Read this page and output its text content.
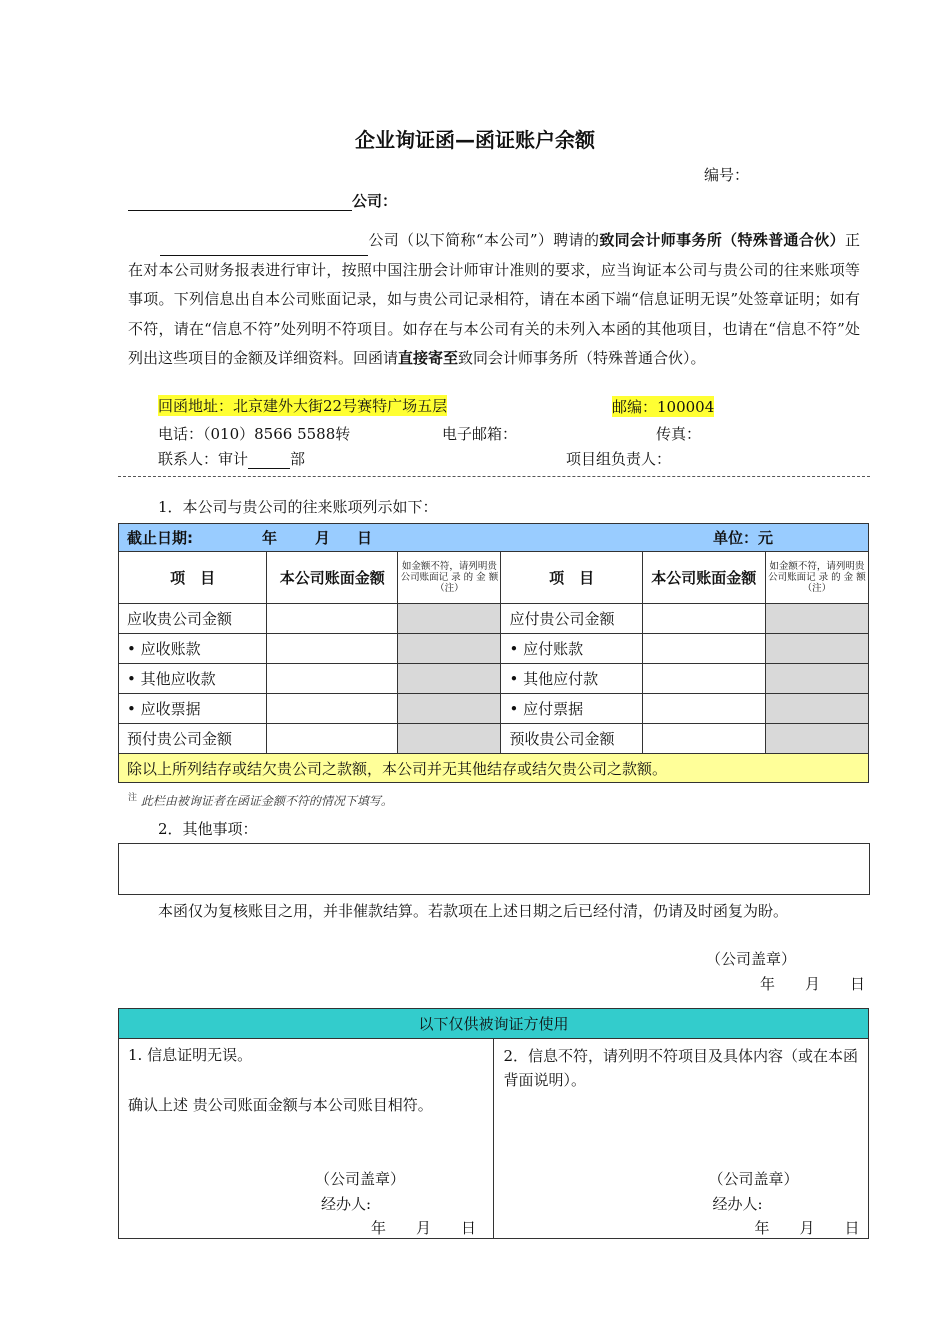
企业询证函—函证账户余额
编号：
公司：
公司（以下简称“本公司”）聘请的致同会计师事务所（特殊普通合伙）正在对本公司财务报表进行审计，按照中国注册会计师审计准则的要求，应当询证本公司与贵公司的往来账项等事项。下列信息出自本公司账面记录，如与贵公司记录相符，请在本函下端“信息证明无误”处签章证明；如有不符，请在“信息不符”处列明不符项目。如存在与本公司有关的未列入本函的其他项目，也请在“信息不符”处列出这些项目的金额及详细资料。回函请直接寄至致同会计师事务所（特殊普通合伙）。
回函地址：北京建外大街22号赛特广场五层	邮编：100004
电话：（010）8566 5588转	电子邮箱：	传真：
联系人：审计	部	项目组负责人：
1．本公司与贵公司的往来账项列示如下：
截止日期: 年 月 日 单位：元					

项　目	本公司账面金额	如金额不符，请列明贵公司账面记 录 的 金 额（注）	项　目	本公司账面金额	如金额不符，请列明贵公司账面记 录 的 金 额（注）
应收贵公司金额			应付贵公司金额		
• 应收账款			• 应付账款		
• 其他应收款			• 其他应付款		
• 应收票据			• 应付票据		
预付贵公司金额			预收贵公司金额		
除以上所列结存或结欠贵公司之款额，本公司并无其他结存或结欠贵公司之款额。					
$^注$ 此栏由被询证者在函证金额不符的情况下填写。
2．其他事项：
本函仅为复核账目之用，并非催款结算。若款项在上述日期之后已经付清，仍请及时函复为盼。
（公司盖章）
年　　月　　日
以下仅供被询证方使用

1. 信息证明无误。
确认上述 贵公司账面金额与本公司账目相符。
（公司盖章）
经办人:
年　　月　　日

2．信息不符，请列明不符项目及具体内容（或在本函背面说明）。
（公司盖章）
经办人:
年　　月　　日
